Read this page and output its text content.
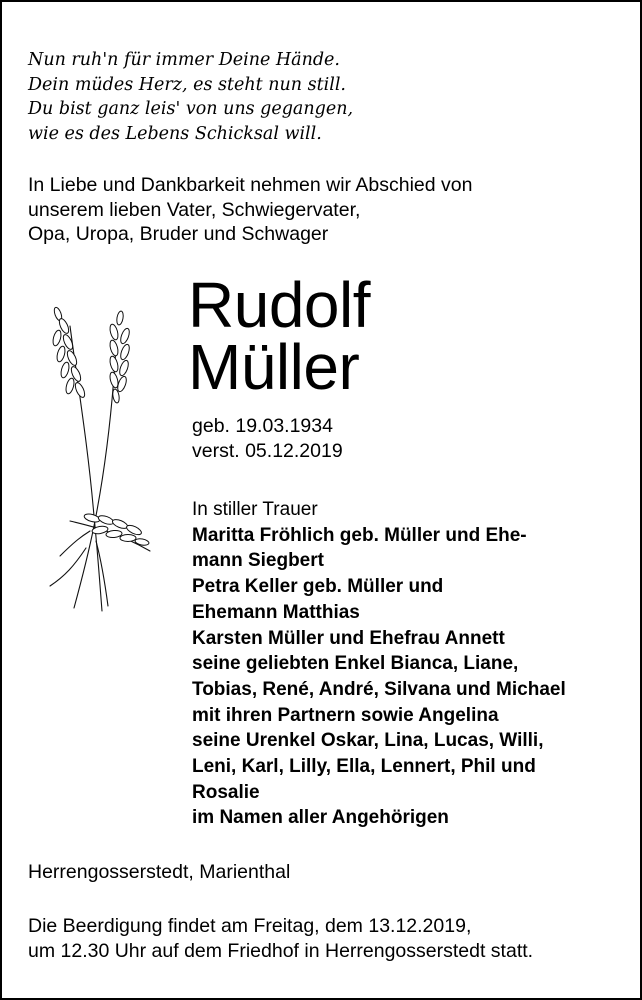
Nun ruh'n für immer Deine Hände.
Dein müdes Herz, es steht nun still.
Du bist ganz leis' von uns gegangen,
wie es des Lebens Schicksal will.
In Liebe und Dankbarkeit nehmen wir Abschied von
unserem lieben Vater, Schwiegervater,
Opa, Uropa, Bruder und Schwager
Rudolf
Müller
geb. 19.03.1934
verst. 05.12.2019
In stiller Trauer
Maritta Fröhlich geb. Müller und Ehe-
mann Siegbert
Petra Keller geb. Müller und
Ehemann Matthias
Karsten Müller und Ehefrau Annett
seine geliebten Enkel Bianca, Liane,
Tobias, René, André, Silvana und Michael
mit ihren Partnern sowie Angelina
seine Urenkel Oskar, Lina, Lucas, Willi,
Leni, Karl, Lilly, Ella, Lennert, Phil und
Rosalie
im Namen aller Angehörigen
Herrengosserstedt, Marienthal
Die Beerdigung findet am Freitag, dem 13.12.2019,
um 12.30 Uhr auf dem Friedhof in Herrengosserstedt statt.
